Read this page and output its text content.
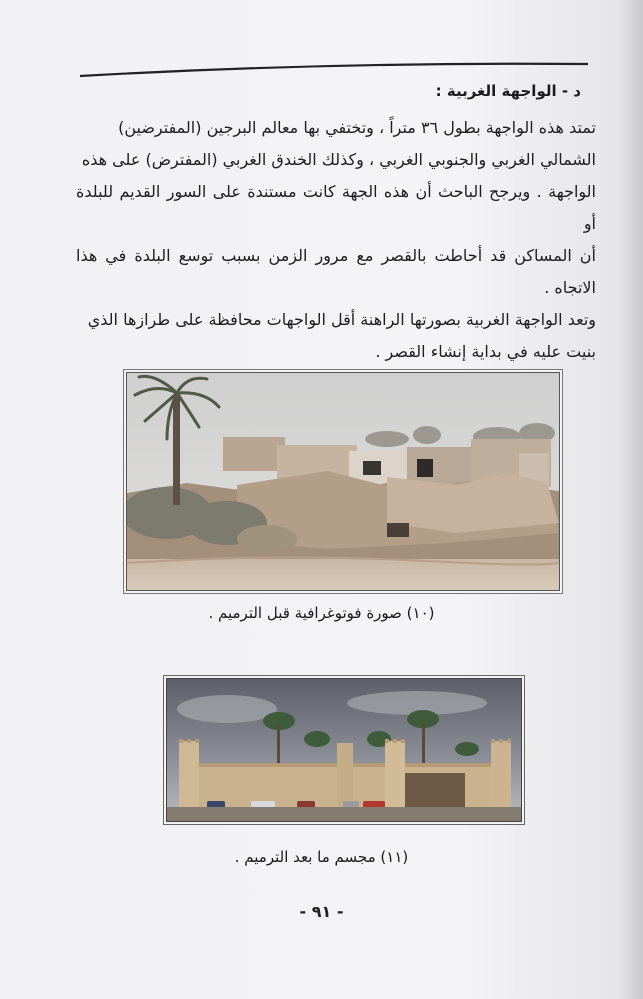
د - الواجهة الغربية :

تمتد هذه الواجهة بطول ٣٦ متراً ، وتختفي بها معالم البرجين (المفترضين)

الشمالي الغربي والجنوبي الغربي ، وكذلك الخندق الغربي (المفترض) على هذه

الواجهة . ويرجح الباحث أن هذه الجهة كانت مستندة على السور القديم للبلدة أو

أن المساكن قد أحاطت بالقصر مع مرور الزمن بسبب توسع البلدة في هذا الاتجاه .

وتعد الواجهة الغربية بصورتها الراهنة أقل الواجهات محافظة على طرازها الذي

بنيت عليه في بداية إنشاء القصر .

(١٠) صورة فوتوغرافية قبل الترميم .
(١١) مجسم ما بعد الترميم .
- ٩١ -
